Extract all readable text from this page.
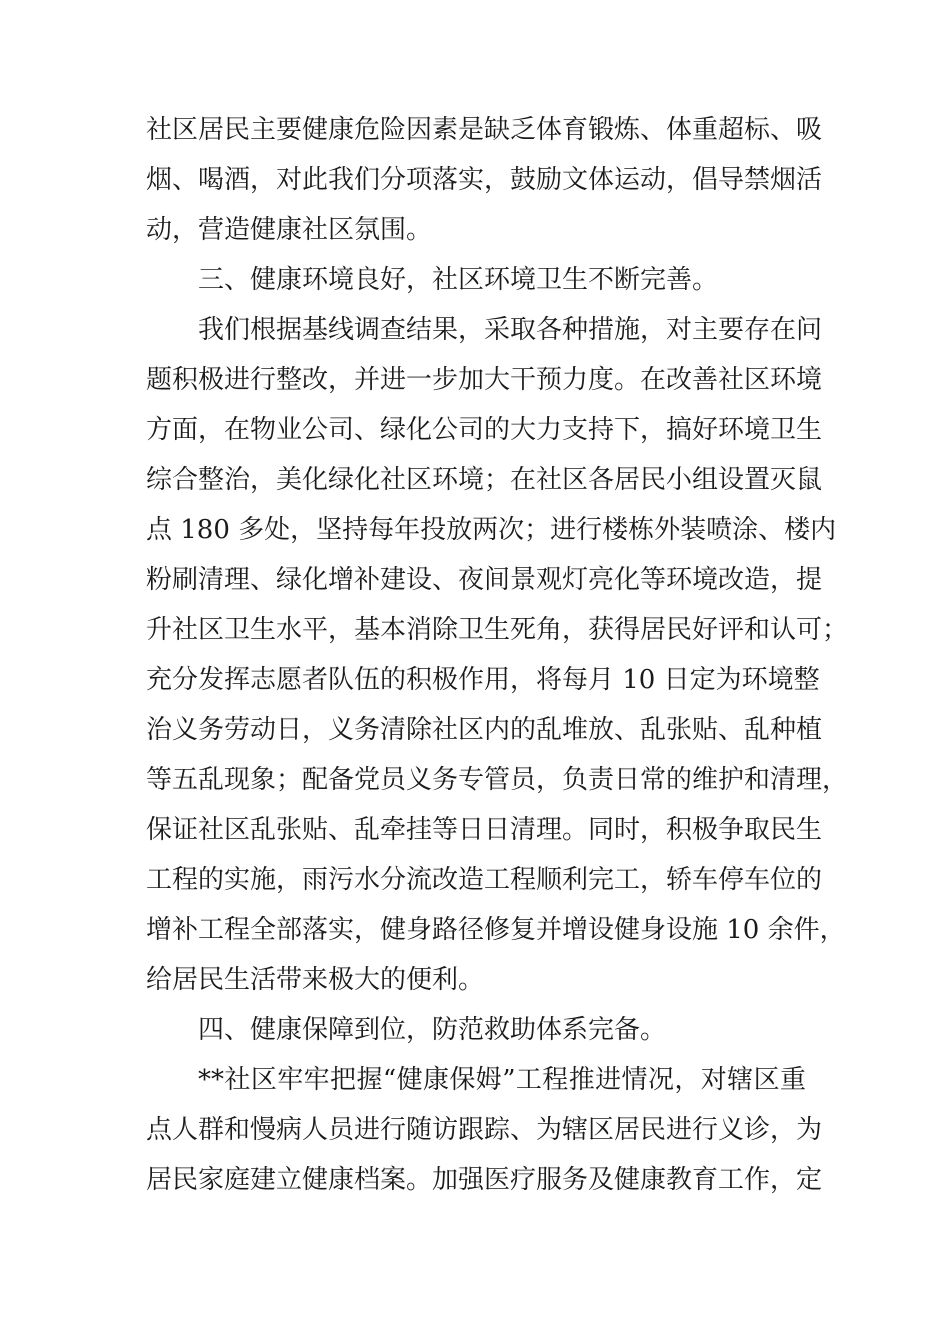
社区居民主要健康危险因素是缺乏体育锻炼、体重超标、吸
烟、喝酒，对此我们分项落实，鼓励文体运动，倡导禁烟活
动，营造健康社区氛围。
三、健康环境良好，社区环境卫生不断完善。
我们根据基线调查结果，采取各种措施，对主要存在问
题积极进行整改，并进一步加大干预力度。在改善社区环境
方面，在物业公司、绿化公司的大力支持下，搞好环境卫生
综合整治，美化绿化社区环境；在社区各居民小组设置灭鼠
点 180 多处，坚持每年投放两次；进行楼栋外装喷涂、楼内
粉刷清理、绿化增补建设、夜间景观灯亮化等环境改造，提
升社区卫生水平，基本消除卫生死角，获得居民好评和认可；
充分发挥志愿者队伍的积极作用，将每月 10 日定为环境整
治义务劳动日，义务清除社区内的乱堆放、乱张贴、乱种植
等五乱现象；配备党员义务专管员，负责日常的维护和清理，
保证社区乱张贴、乱牵挂等日日清理。同时，积极争取民生
工程的实施，雨污水分流改造工程顺利完工，轿车停车位的
增补工程全部落实，健身路径修复并增设健身设施 10 余件，
给居民生活带来极大的便利。
四、健康保障到位，防范救助体系完备。
**社区牢牢把握“健康保姆”工程推进情况，对辖区重
点人群和慢病人员进行随访跟踪、为辖区居民进行义诊，为
居民家庭建立健康档案。加强医疗服务及健康教育工作，定
